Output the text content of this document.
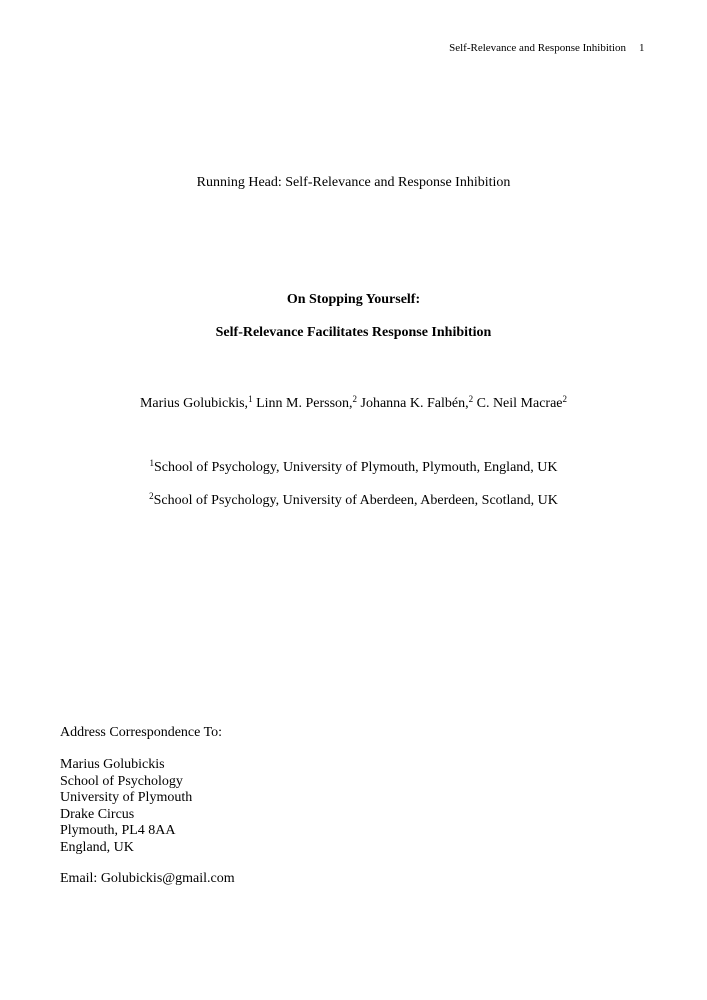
Self-Relevance and Response Inhibition 1
Running Head: Self-Relevance and Response Inhibition
On Stopping Yourself:
Self-Relevance Facilitates Response Inhibition
Marius Golubickis,$^1$ Linn M. Persson,$^2$ Johanna K. Falbén,$^2$ C. Neil Macrae$^2$
$^1$School of Psychology, University of Plymouth, Plymouth, England, UK
$^2$School of Psychology, University of Aberdeen, Aberdeen, Scotland, UK
Address Correspondence To:
Marius Golubickis
School of Psychology
University of Plymouth
Drake Circus
Plymouth, PL4 8AA
England, UK
Email: Golubickis@gmail.com
